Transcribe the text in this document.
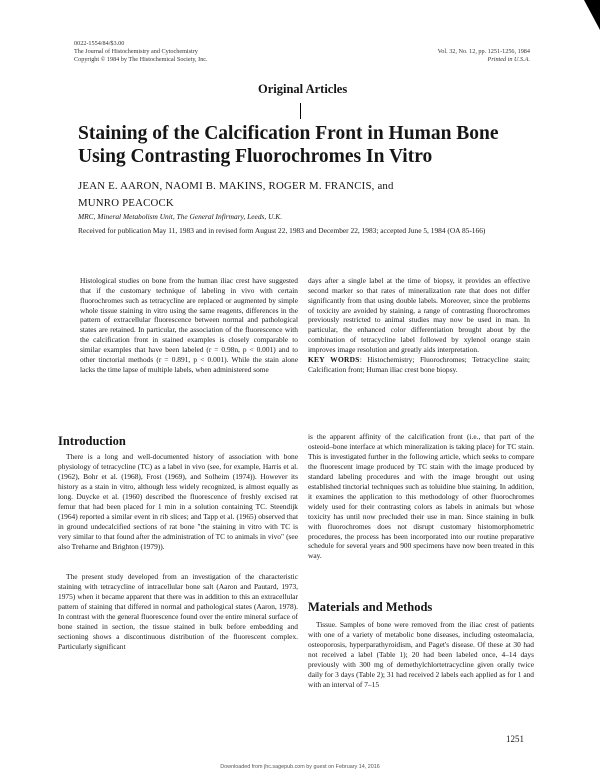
0022-1554/84/$3.00
The Journal of Histochemistry and Cytochemistry
Copyright © 1984 by The Histochemical Society, Inc.
Vol. 32, No. 12, pp. 1251-1256, 1984
Printed in U.S.A.
Original Articles
Staining of the Calcification Front in Human Bone
Using Contrasting Fluorochromes In Vitro
JEAN E. AARON, NAOMI B. MAKINS, ROGER M. FRANCIS, and
MUNRO PEACOCK
MRC, Mineral Metabolism Unit, The General Infirmary, Leeds, U.K.
Received for publication May 11, 1983 and in revised form August 22, 1983 and December 22, 1983; accepted June 5, 1984 (OA 85-166)
Histological studies on bone from the human iliac crest have suggested that if the customary technique of labeling in vivo with certain fluorochromes such as tetracycline are replaced or augmented by simple whole tissue staining in vitro using the same reagents, differences in the pattern of extracellular fluorescence between normal and pathological states are retained. In particular, the association of the fluorescence with the calcification front in stained examples is closely comparable to similar examples that have been labeled (r = 0.98n, p < 0.001) and to other tinctorial methods (r = 0.891, p < 0.001). While the stain alone lacks the time lapse of multiple labels, when administered some
days after a single label at the time of biopsy, it provides an effective second marker so that rates of mineralization rate that does not differ significantly from that using double labels. Moreover, since the problems of toxicity are avoided by staining, a range of contrasting fluorochromes previously restricted to animal studies may now be used in man. In particular, the enhanced color differentiation brought about by the combination of tetracycline label followed by xylenol orange stain improves image resolution and greatly aids interpretation.
KEY WORDS: Histochemistry; Fluorochromes; Tetracycline stain; Calcification front; Human iliac crest bone biopsy.
Introduction

There is a long and well-documented history of association with bone physiology of tetracycline (TC) as a label in vivo (see, for example, Harris et al. (1962), Bohr et al. (1968), Frost (1969), and Solheim (1974)). However its history as a stain in vitro, although less widely recognized, is almost equally as long. Duycke et al. (1960) described the fluorescence of freshly excised rat femur that had been placed for 1 min in a solution containing TC. Steendijk (1964) reported a similar event in rib slices; and Tapp et al. (1965) observed that in ground undecalcified sections of rat bone "the staining in vitro with TC is very similar to that found after the administration of TC to animals in vivo" (see also Treharne and Brighton (1979)).

The present study developed from an investigation of the characteristic staining with tetracycline of intracellular bone salt (Aaron and Pautard, 1973, 1975) when it became apparent that there was in addition to this an extracellular pattern of staining that differed in normal and pathological states (Aaron, 1978). In contrast with the general fluorescence found over the entire mineral surface of bone stained in section, the tissue stained in bulk before embedding and sectioning shows a discontinuous distribution of the fluorescent complex. Particularly significant

is the apparent affinity of the calcification front (i.e., that part of the osteoid–bone interface at which mineralization is taking place) for TC stain. This is investigated further in the following article, which seeks to compare the fluorescent image produced by TC stain with the image produced by standard labeling procedures and with the image brought out using established tinctorial techniques such as toluidine blue staining. In addition, it examines the application to this methodology of other fluorochromes widely used for their contrasting colors as labels in animals but whose toxicity has until now precluded their use in man. Since staining in bulk with fluorochromes does not disrupt customary histomorphometric procedures, the process has been incorporated into our routine preparative schedule for several years and 900 specimens have now been treated in this way.

Materials and Methods

Tissue. Samples of bone were removed from the iliac crest of patients with one of a variety of metabolic bone diseases, including osteomalacia, osteoporosis, hyperparathyroidism, and Paget's disease. Of these at 30 had not received a label (Table 1); 20 had been labeled once, 4–14 days previously with 300 mg of demethylchlortetracycline given orally twice daily for 3 days (Table 2); 31 had received 2 labels each applied as for 1 and with an interval of 7–15

1251
Downloaded from jhc.sagepub.com by guest on February 14, 2016
